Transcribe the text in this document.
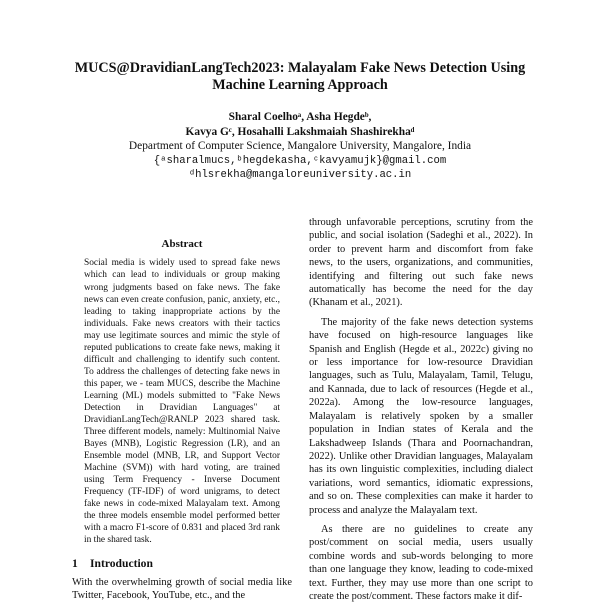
MUCS@DravidianLangTech2023: Malayalam Fake News Detection Using
Machine Learning Approach
Sharal Coelhoᵃ, Asha Hegdeᵇ,
Kavya Gᶜ, Hosahalli Lakshmaiah Shashirekhaᵈ
Department of Computer Science, Mangalore University, Mangalore, India
{ᵃsharalmucs,ᵇhegdekasha,ᶜkavyamujk}@gmail.com
ᵈhlsrekha@mangaloreuniversity.ac.in
Abstract

Social media is widely used to spread fake news which can lead to individuals or group making wrong judgments based on fake news. The fake news can even create confusion, panic, anxiety, etc., leading to taking inappropriate actions by the individuals. Fake news creators with their tactics may use legitimate sources and mimic the style of reputed publications to create fake news, making it difficult and challenging to identify such content. To address the challenges of detecting fake news in this paper, we - team MUCS, describe the Machine Learning (ML) models submitted to "Fake News Detection in Dravidian Languages" at DravidianLangTech@RANLP 2023 shared task. Three different models, namely: Multinomial Naive Bayes (MNB), Logistic Regression (LR), and an Ensemble model (MNB, LR, and Support Vector Machine (SVM)) with hard voting, are trained using Term Frequency - Inverse Document Frequency (TF-IDF) of word unigrams, to detect fake news in code-mixed Malayalam text. Among the three models ensemble model performed better with a macro F1-score of 0.831 and placed 3rd rank in the shared task.

1 Introduction

With the overwhelming growth of social media like Twitter, Facebook, YouTube, etc., and the

through unfavorable perceptions, scrutiny from the public, and social isolation (Sadeghi et al., 2022). In order to prevent harm and discomfort from fake news, to the users, organizations, and communities, identifying and filtering out such fake news automatically has become the need for the day (Khanam et al., 2021).

The majority of the fake news detection systems have focused on high-resource languages like Spanish and English (Hegde et al., 2022c) giving no or less importance for low-resource Dravidian languages, such as Tulu, Malayalam, Tamil, Telugu, and Kannada, due to lack of resources (Hegde et al., 2022a). Among the low-resource languages, Malayalam is relatively spoken by a smaller population in Indian states of Kerala and the Lakshadweep Islands (Thara and Poornachandran, 2022). Unlike other Dravidian languages, Malayalam has its own linguistic complexities, including dialect variations, word semantics, idiomatic expressions, and so on. These complexities can make it harder to process and analyze the Malayalam text.

As there are no guidelines to create any post/comment on social media, users usually combine words and sub-words belonging to more than one language they know, leading to code-mixed text. Further, they may use more than one script to create the post/comment. These factors make it dif-
